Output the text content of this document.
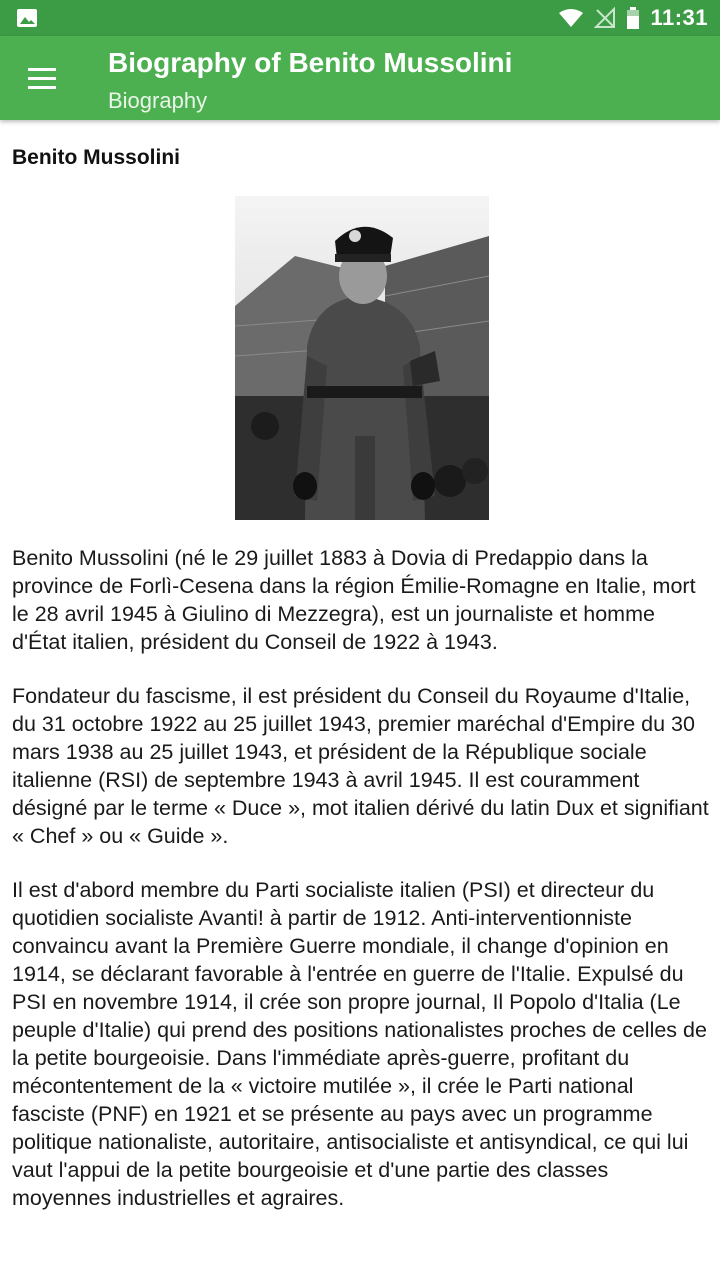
11:31
Biography of Benito Mussolini
Biography
Benito Mussolini

Benito Mussolini (né le 29 juillet 1883 à Dovia di Predappio dans la province de Forlì-Cesena dans la région Émilie-Romagne en Italie, mort le 28 avril 1945 à Giulino di Mezzegra), est un journaliste et homme d'État italien, président du Conseil de 1922 à 1943.

Fondateur du fascisme, il est président du Conseil du Royaume d'Italie, du 31 octobre 1922 au 25 juillet 1943, premier maréchal d'Empire du 30 mars 1938 au 25 juillet 1943, et président de la République sociale italienne (RSI) de septembre 1943 à avril 1945. Il est couramment désigné par le terme « Duce », mot italien dérivé du latin Dux et signifiant « Chef » ou « Guide ».

Il est d'abord membre du Parti socialiste italien (PSI) et directeur du quotidien socialiste Avanti! à partir de 1912. Anti-interventionniste convaincu avant la Première Guerre mondiale, il change d'opinion en 1914, se déclarant favorable à l'entrée en guerre de l'Italie. Expulsé du PSI en novembre 1914, il crée son propre journal, Il Popolo d'Italia (Le peuple d'Italie) qui prend des positions nationalistes proches de celles de la petite bourgeoisie. Dans l'immédiate après-guerre, profitant du mécontentement de la « victoire mutilée », il crée le Parti national fasciste (PNF) en 1921 et se présente au pays avec un programme politique nationaliste, autoritaire, antisocialiste et antisyndical, ce qui lui vaut l'appui de la petite bourgeoisie et d'une partie des classes moyennes industrielles et agraires.
